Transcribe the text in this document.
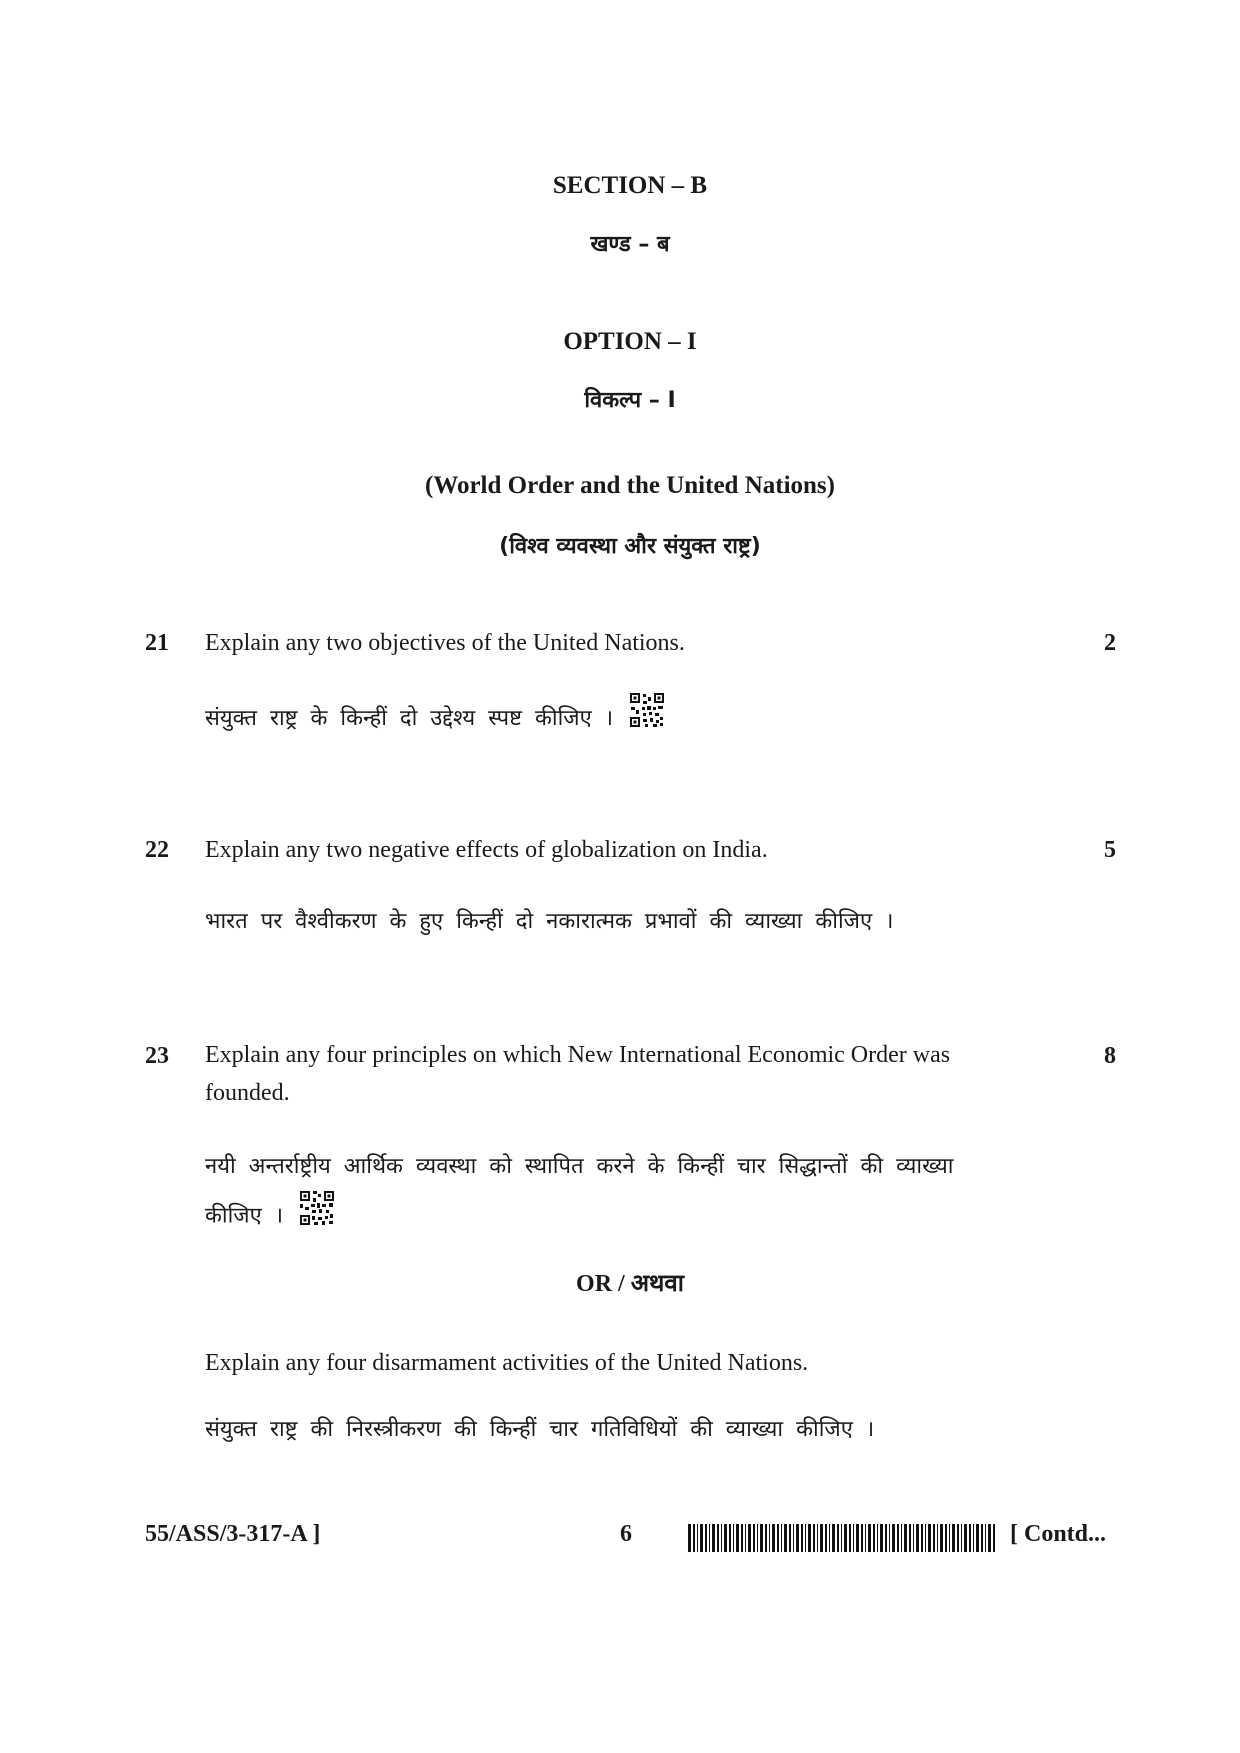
SECTION – B
खण्ड – ब
OPTION – I
विकल्प – I
(World Order and the United Nations)
(विश्व व्यवस्था और संयुक्त राष्ट्र)
21 Explain any two objectives of the United Nations.	2
संयुक्त राष्ट्र के किन्हीं दो उद्देश्य स्पष्ट कीजिए ।
22 Explain any two negative effects of globalization on India.	5
भारत पर वैश्वीकरण के हुए किन्हीं दो नकारात्मक प्रभावों की व्याख्या कीजिए ।
23 Explain any four principles on which New International Economic Order was founded.
8
नयी अन्तर्राष्ट्रीय आर्थिक व्यवस्था को स्थापित करने के किन्हीं चार सिद्धान्तों की व्याख्या कीजिए ।
OR / अथवा
Explain any four disarmament activities of the United Nations.
संयुक्त राष्ट्र की निरस्त्रीकरण की किन्हीं चार गतिविधियों की व्याख्या कीजिए ।
55/ASS/3-317-A ]	6	[ Contd...
